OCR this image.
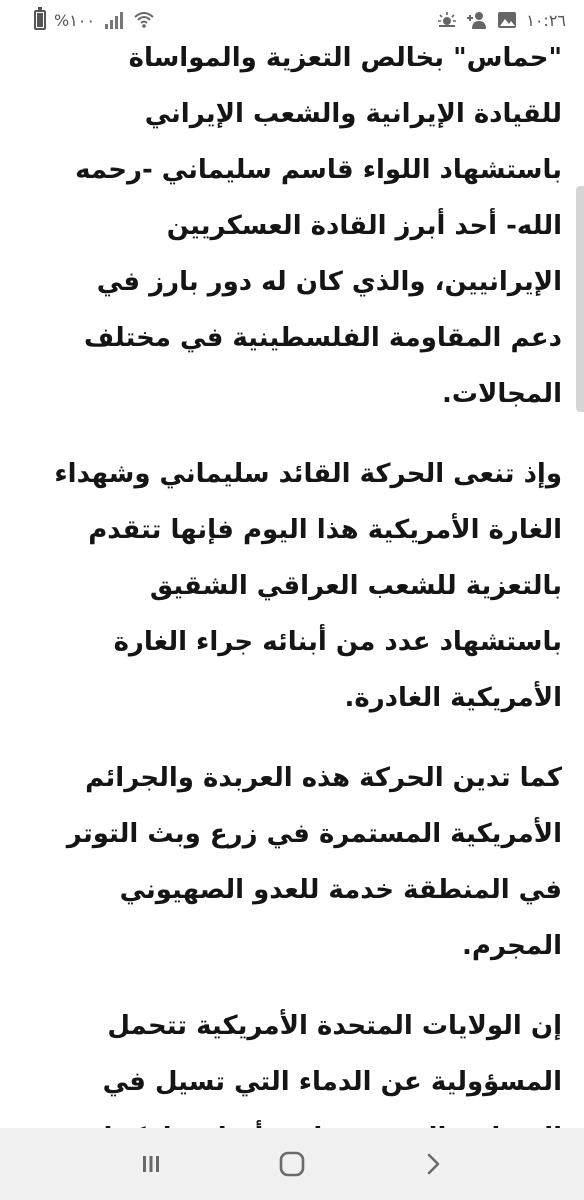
%١٠٠	١٠:٢٦

"حماس" بخالص التعزية والمواساة
للقيادة الإيرانية والشعب الإيراني
باستشهاد اللواء قاسم سليماني -رحمه
الله- أحد أبرز القادة العسكريين
الإيرانيين، والذي كان له دور بارز في
دعم المقاومة الفلسطينية في مختلف
المجالات.

وإذ تنعى الحركة القائد سليماني وشهداء
الغارة الأمريكية هذا اليوم فإنها تتقدم
بالتعزية للشعب العراقي الشقيق
باستشهاد عدد من أبنائه جراء الغارة
الأمريكية الغادرة.

كما تدين الحركة هذه العربدة والجرائم
الأمريكية المستمرة في زرع وبث التوتر
في المنطقة خدمة للعدو الصهيوني
المجرم.

إن الولايات المتحدة الأمريكية تتحمل
المسؤولية عن الدماء التي تسيل في
